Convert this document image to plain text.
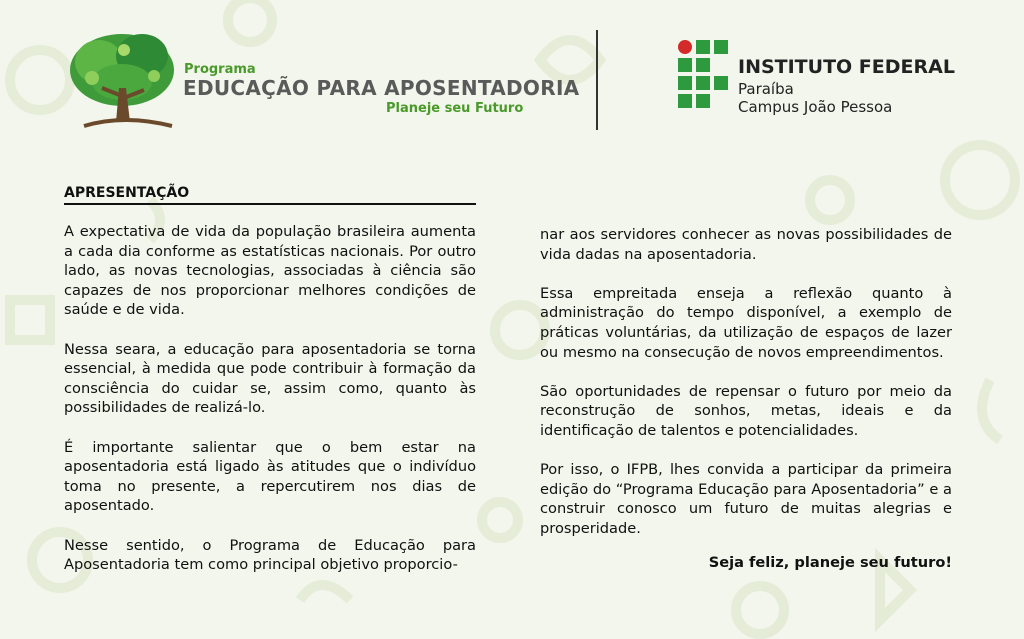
Programa
EDUCAÇÃO PARA APOSENTADORIA
Planeje seu Futuro
INSTITUTO FEDERAL
Paraíba
Campus João Pessoa
APRESENTAÇÃO

A expectativa de vida da população brasileira aumenta a cada dia conforme as estatísticas nacionais. Por outro lado, as novas tecnologias, associadas à ciência são capazes de nos proporcionar melhores condições de saúde e de vida.

Nessa seara, a educação para aposentadoria se torna essencial, à medida que pode contribuir à formação da consciência do cuidar se, assim como, quanto às possibilidades de realizá-lo.

É importante salientar que o bem estar na aposentadoria está ligado às atitudes que o indivíduo toma no presente, a repercutirem nos dias de aposentado.

Nesse sentido, o Programa de Educação para Aposentadoria tem como principal objetivo proporcio-

nar aos servidores conhecer as novas possibilidades de vida dadas na aposentadoria.

Essa empreitada enseja a reflexão quanto à administração do tempo disponível, a exemplo de práticas voluntárias, da utilização de espaços de lazer ou mesmo na consecução de novos empreendimentos.

São oportunidades de repensar o futuro por meio da reconstrução de sonhos, metas, ideais e da identificação de talentos e potencialidades.

Por isso, o IFPB, lhes convida a participar da primeira edição do “Programa Educação para Aposentadoria” e a construir conosco um futuro de muitas alegrias e prosperidade.

Seja feliz, planeje seu futuro!
